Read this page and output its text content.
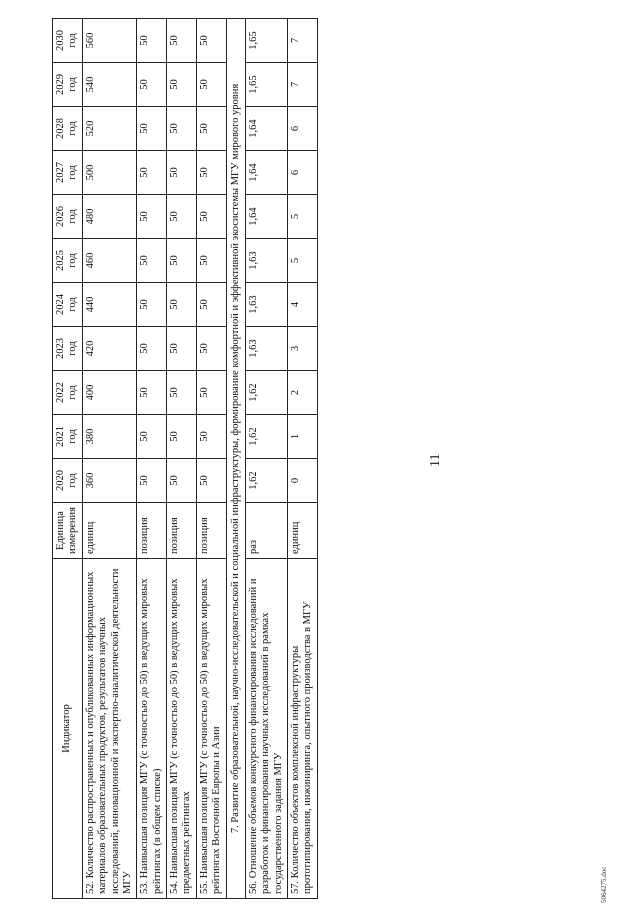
11
Индикатор	Единица измерения	2020 год	2021 год	2022 год	2023 год	2024 год	2025 год	2026 год	2027 год	2028 год	2029 год	2030 год
52. Количество распространенных и опубликованных информационных материалов образовательных продуктов, результатов научных исследований, инновационной и экспертно-аналитической деятельности МГУ	единиц	360	380	400	420	440	460	480	500	520	540	560
53. Наивысшая позиция МГУ (с точностью до 50) в ведущих мировых рейтингах (в общем списке)	позиция	50	50	50	50	50	50	50	50	50	50	50
54. Наивысшая позиция МГУ (с точностью до 50) в ведущих мировых предметных рейтингах	позиция	50	50	50	50	50	50	50	50	50	50	50
55. Наивысшая позиция МГУ (с точностью до 50) в ведущих мировых рейтингах Восточной Европы и Азии	позиция	50	50	50	50	50	50	50	50	50	50	50
7. Развитие образовательной, научно-исследовательской и социальной инфраструктуры, формирование комфортной и эффективной экосистемы МГУ мирового уровня												
56. Отношение объемов конкурсного финансирования исследований и разработок и финансирования научных исследований в рамках государственного задания МГУ	раз	1,62	1,62	1,62	1,63	1,63	1,63	1,64	1,64	1,64	1,65	1,65
57. Количество объектов комплексной инфраструктуры прототипирования, инжиниринга, опытного производства в МГУ	единиц	0	1	2	3	4	5	5	6	6	7	7
5064275.doc
